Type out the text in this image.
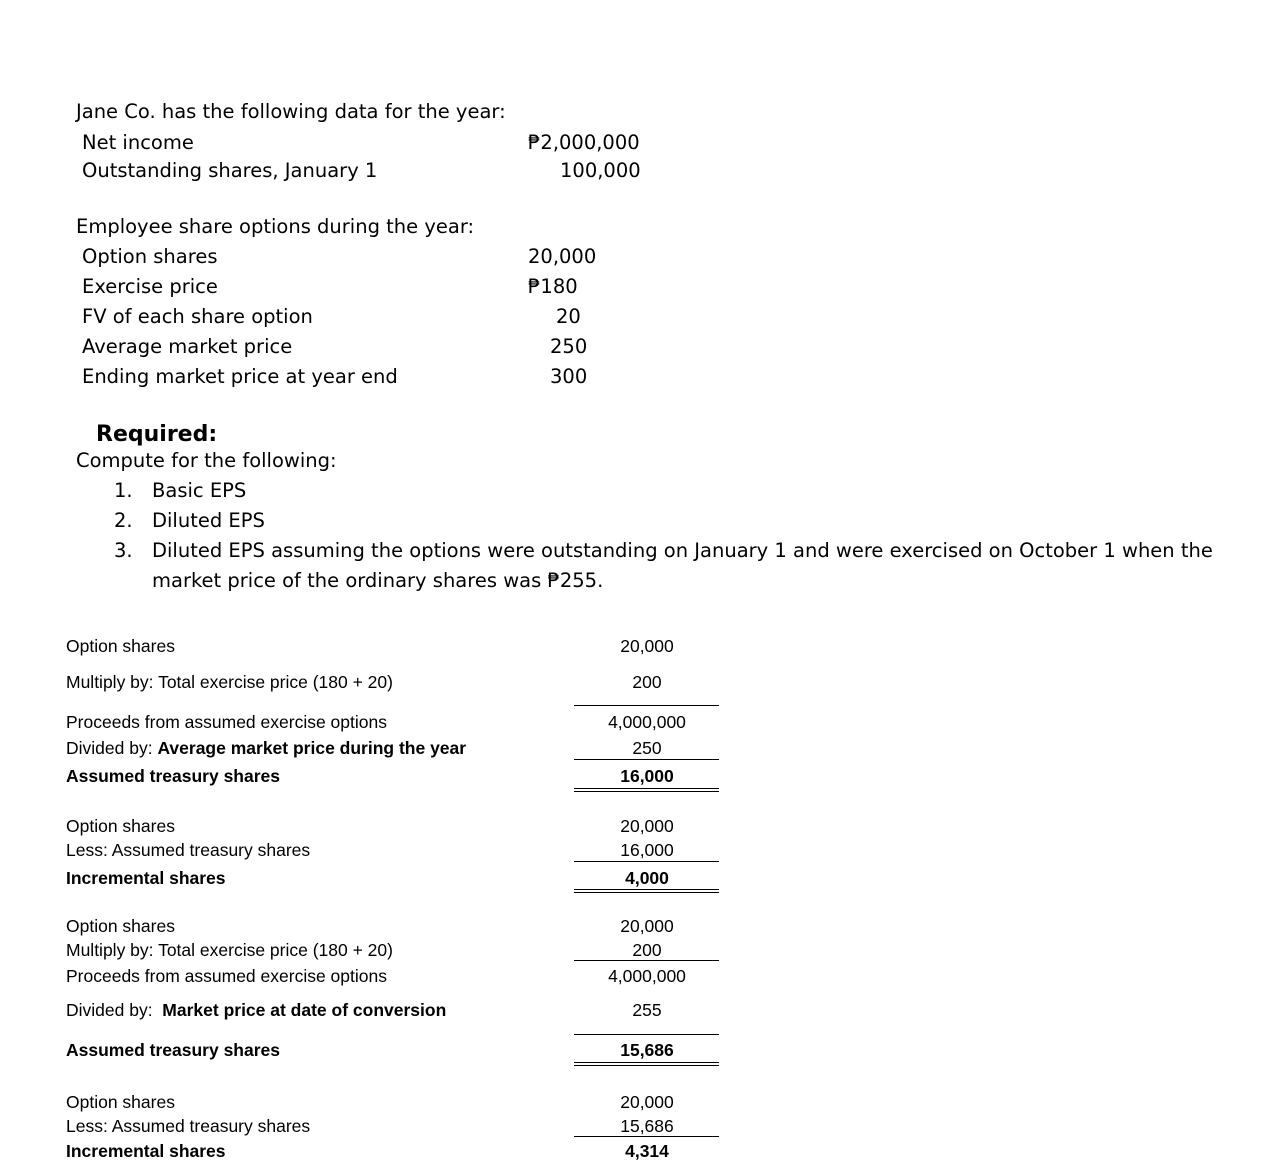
Jane Co. has the following data for the year:
Net income	₱2,000,000
Outstanding shares, January 1	100,000
Employee share options during the year:
Option shares	20,000
Exercise price	₱180
FV of each share option	20
Average market price	250
Ending market price at year end	300
Required:
Compute for the following:
1. Basic EPS
2. Diluted EPS
3. Diluted EPS assuming the options were outstanding on January 1 and were exercised on October 1 when the
market price of the ordinary shares was ₱255.
Option shares	20,000
Multiply by: Total exercise price (180 + 20)	200
Proceeds from assumed exercise options	4,000,000
Divided by: Average market price during the year	250
Assumed treasury shares	16,000
Option shares	20,000
Less: Assumed treasury shares	16,000
Incremental shares	4,000
Option shares	20,000
Multiply by: Total exercise price (180 + 20)	200
Proceeds from assumed exercise options	4,000,000
Divided by:  Market price at date of conversion	255
Assumed treasury shares	15,686
Option shares	20,000
Less: Assumed treasury shares	15,686
Incremental shares	4,314
